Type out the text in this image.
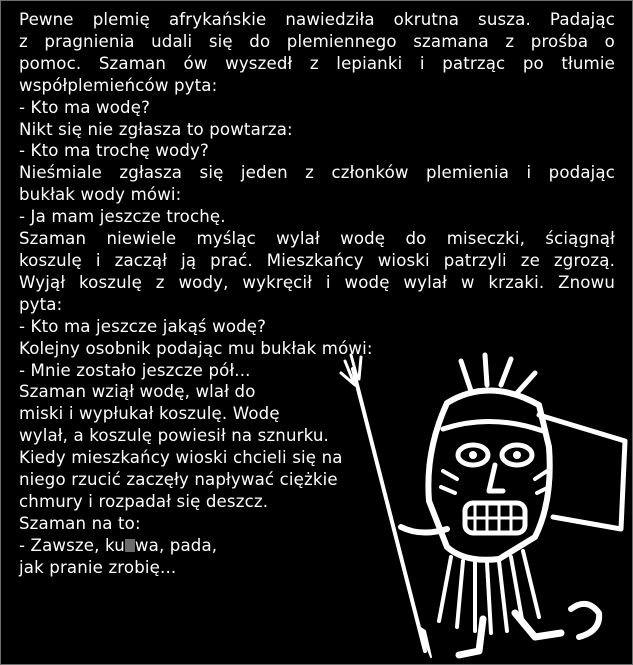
Pewne plemię afrykańskie nawiedziła okrutna susza. Padając
z pragnienia udali się do plemiennego szamana z prośba o
pomoc. Szaman ów wyszedł z lepianki i patrząc po tłumie
współplemieńców pyta:
- Kto ma wodę?
Nikt się nie zgłasza to powtarza:
- Kto ma trochę wody?
Nieśmiale zgłasza się jeden z członków plemienia i podając
bukłak wody mówi:
- Ja mam jeszcze trochę.
Szaman niewiele myśląc wylał wodę do miseczki, ściągnął
koszulę i zaczął ją prać. Mieszkańcy wioski patrzyli ze zgrozą.
Wyjął koszulę z wody, wykręcił i wodę wylał w krzaki. Znowu
pyta:
- Kto ma jeszcze jakąś wodę?
Kolejny osobnik podając mu bukłak mówi:
- Mnie zostało jeszcze pół...
Szaman wziął wodę, wlał do
miski i wypłukał koszulę. Wodę
wylał, a koszulę powiesił na sznurku.
Kiedy mieszkańcy wioski chcieli się na
niego rzucić zaczęły napływać ciężkie
chmury i rozpadał się deszcz.
Szaman na to:
- Zawsze, ku wa, pada,
jak pranie zrobię...
